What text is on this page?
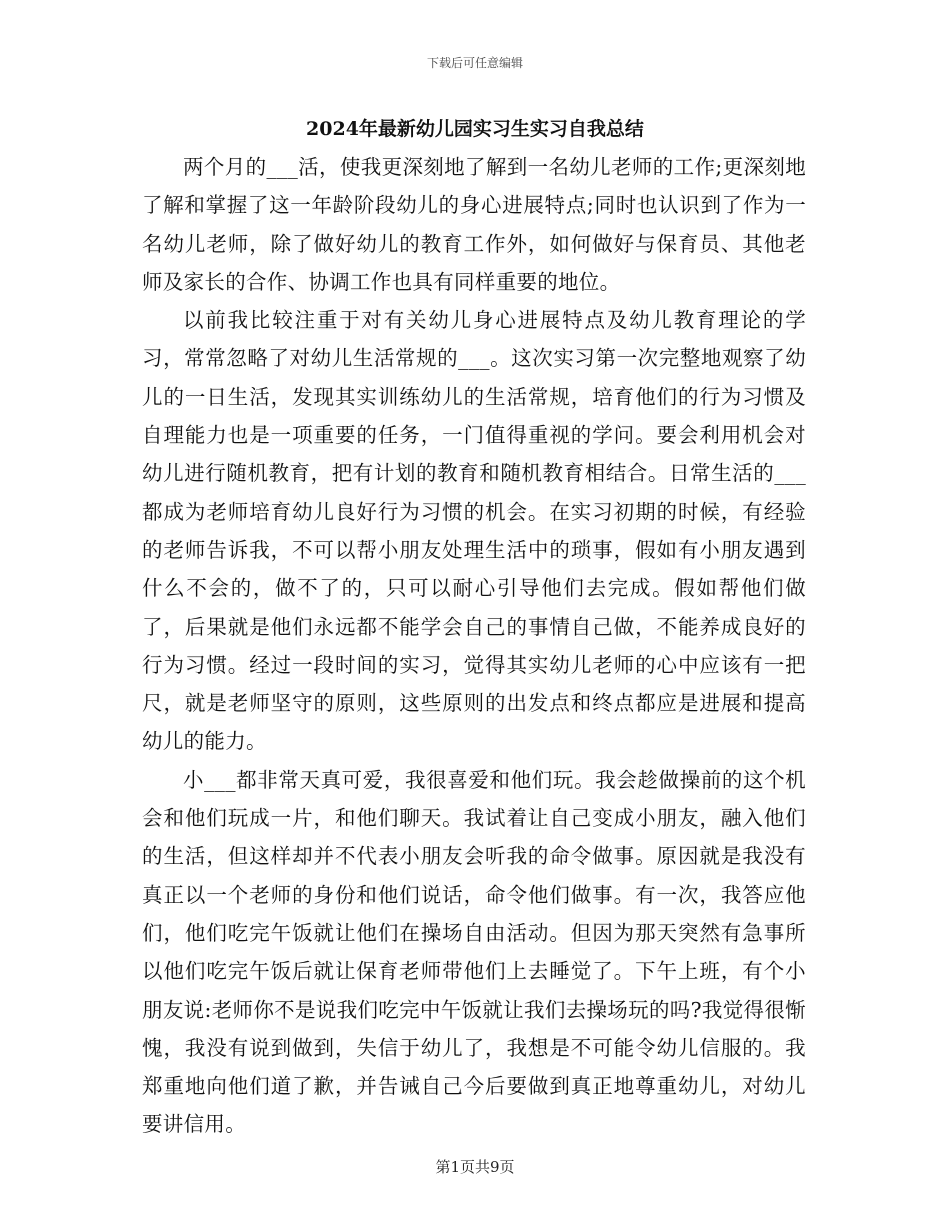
下载后可任意编辑
2024年最新幼儿园实习生实习自我总结

两个月的___活，使我更深刻地了解到一名幼儿老师的工作;更深刻地了解和掌握了这一年龄阶段幼儿的身心进展特点;同时也认识到了作为一名幼儿老师，除了做好幼儿的教育工作外，如何做好与保育员、其他老师及家长的合作、协调工作也具有同样重要的地位。

以前我比较注重于对有关幼儿身心进展特点及幼儿教育理论的学习，常常忽略了对幼儿生活常规的___。这次实习第一次完整地观察了幼儿的一日生活，发现其实训练幼儿的生活常规，培育他们的行为习惯及自理能力也是一项重要的任务，一门值得重视的学问。要会利用机会对幼儿进行随机教育，把有计划的教育和随机教育相结合。日常生活的___都成为老师培育幼儿良好行为习惯的机会。在实习初期的时候，有经验的老师告诉我，不可以帮小朋友处理生活中的琐事，假如有小朋友遇到什么不会的，做不了的，只可以耐心引导他们去完成。假如帮他们做了，后果就是他们永远都不能学会自己的事情自己做，不能养成良好的行为习惯。经过一段时间的实习，觉得其实幼儿老师的心中应该有一把尺，就是老师坚守的原则，这些原则的出发点和终点都应是进展和提高幼儿的能力。

小___都非常天真可爱，我很喜爱和他们玩。我会趁做操前的这个机会和他们玩成一片，和他们聊天。我试着让自己变成小朋友，融入他们的生活，但这样却并不代表小朋友会听我的命令做事。原因就是我没有真正以一个老师的身份和他们说话，命令他们做事。有一次，我答应他们，他们吃完午饭就让他们在操场自由活动。但因为那天突然有急事所以他们吃完午饭后就让保育老师带他们上去睡觉了。下午上班，有个小朋友说:老师你不是说我们吃完中午饭就让我们去操场玩的吗?我觉得很惭愧，我没有说到做到，失信于幼儿了，我想是不可能令幼儿信服的。我郑重地向他们道了歉，并告诫自己今后要做到真正地尊重幼儿，对幼儿要讲信用。

第1页共9页
